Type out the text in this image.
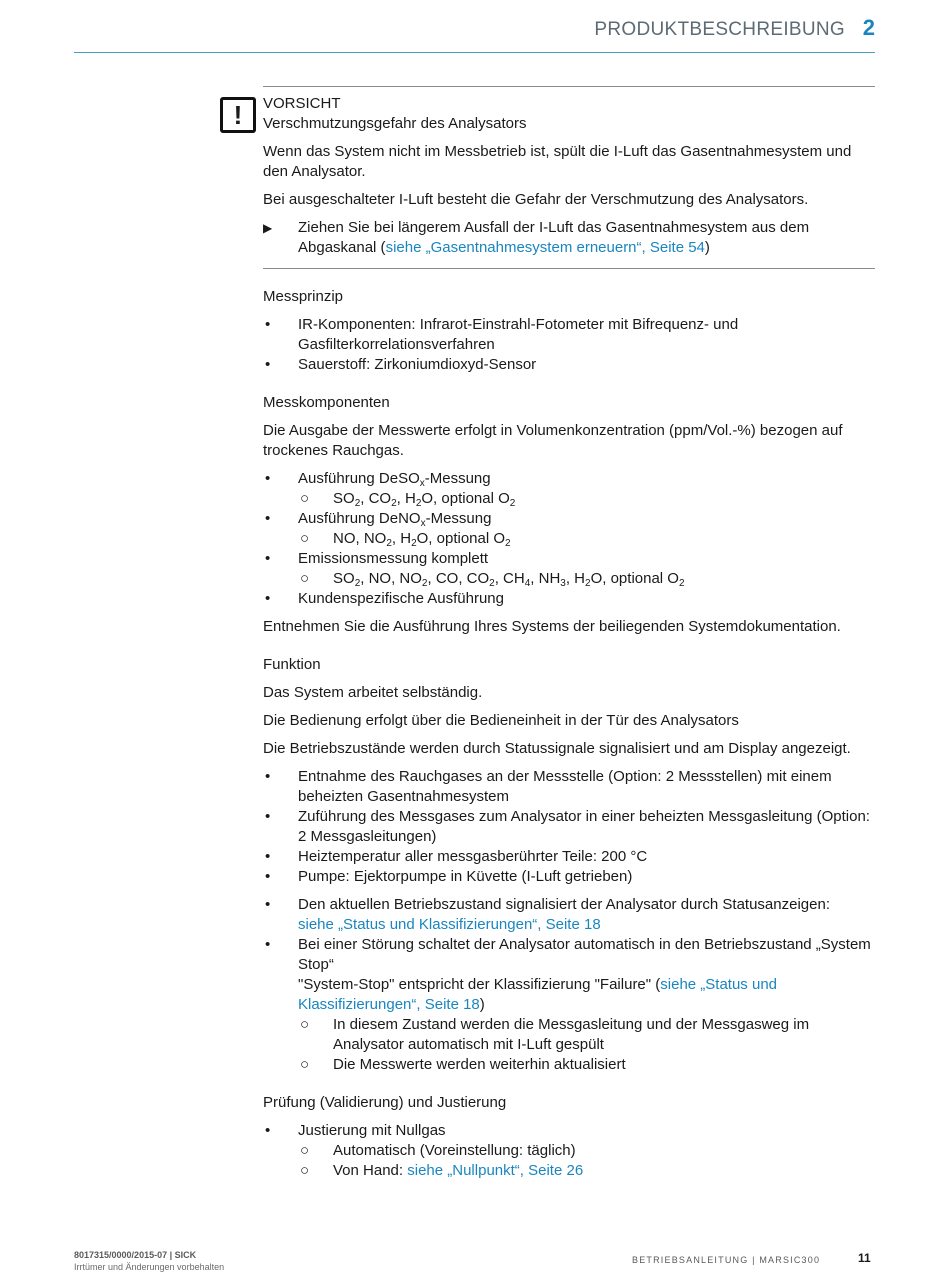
PRODUKTBESCHREIBUNG 2
!	VORSICHT
Verschmutzungsgefahr des Analysators
Wenn das System nicht im Messbetrieb ist, spült die I-Luft das Gasentnahmesystem und den Analysator.
Bei ausgeschalteter I-Luft besteht die Gefahr der Verschmutzung des Analysators.
▶ Ziehen Sie bei längerem Ausfall der I-Luft das Gasentnahmesystem aus dem Abgaskanal (siehe „Gasentnahmesystem erneuern“, Seite 54)
Messprinzip
• IR-Komponenten: Infrarot-Einstrahl-Fotometer mit Bifrequenz- und Gasfilterkorrelationsverfahren
• Sauerstoff: Zirkoniumdioxyd-Sensor
Messkomponenten
Die Ausgabe der Messwerte erfolgt in Volumenkonzentration (ppm/Vol.-%) bezogen auf trockenes Rauchgas.
• Ausführung DeSO$_x$-Messung
○ $SO_2$, $CO_2$, $H_2O$, optional $O_2$
• Ausführung DeNO$_x$-Messung
○ NO, $NO_2$, $H_2O$, optional $O_2$
• Emissionsmessung komplett
○ $SO_2$, NO, $NO_2$, CO, $CO_2$, $CH_4$, $NH_3$, $H_2O$, optional $O_2$
• Kundenspezifische Ausführung
Entnehmen Sie die Ausführung Ihres Systems der beiliegenden Systemdokumentation.
Funktion
Das System arbeitet selbständig.
Die Bedienung erfolgt über die Bedieneinheit in der Tür des Analysators
Die Betriebszustände werden durch Statussignale signalisiert und am Display angezeigt.
• Entnahme des Rauchgases an der Messstelle (Option: 2 Messstellen) mit einem beheizten Gasentnahmesystem
• Zuführung des Messgases zum Analysator in einer beheizten Messgasleitung (Option: 2 Messgasleitungen)
• Heiztemperatur aller messgasberührter Teile: 200 °C
• Pumpe: Ejektorpumpe in Küvette (I-Luft getrieben)
• Den aktuellen Betriebszustand signalisiert der Analysator durch Statusanzeigen:
siehe „Status und Klassifizierungen“, Seite 18
• Bei einer Störung schaltet der Analysator automatisch in den Betriebszustand „System Stop“
"System-Stop" entspricht der Klassifizierung "Failure" (siehe „Status und Klassifizierungen“, Seite 18)
○ In diesem Zustand werden die Messgasleitung und der Messgasweg im Analysator automatisch mit I-Luft gespült
○ Die Messwerte werden weiterhin aktualisiert
Prüfung (Validierung) und Justierung
• Justierung mit Nullgas
○ Automatisch (Voreinstellung: täglich)
○ Von Hand: siehe „Nullpunkt“, Seite 26
8017315/0000/2015-07 | SICK
Irrtümer und Änderungen vorbehalten
BETRIEBSANLEITUNG | MARSIC300	11
